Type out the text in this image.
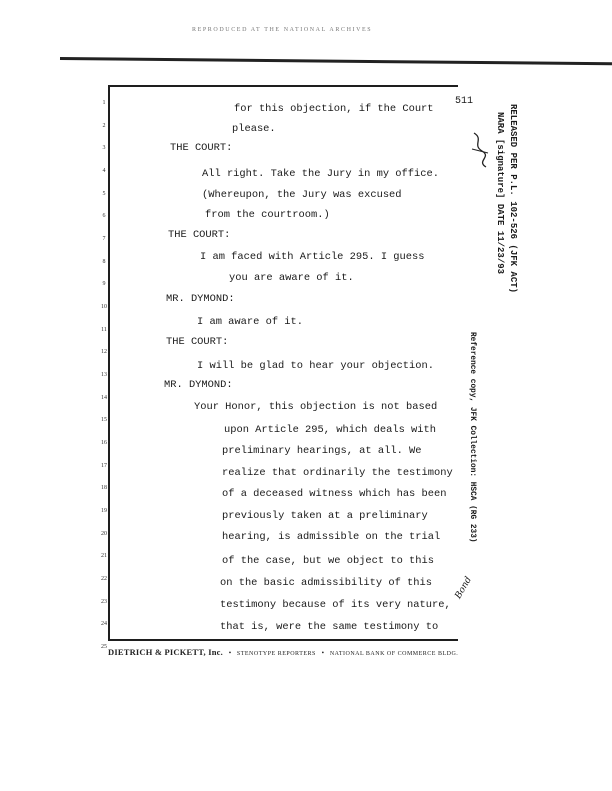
REPRODUCED AT THE NATIONAL ARCHIVES
511
1
2
3
4
5
6
7
8
9
10
11
12
13
14
15
16
17
18
19
20
21
22
23
24
25
for this objection, if the Court
please.
THE COURT:
All right. Take the Jury in my office.
(Whereupon, the Jury was excused
from the courtroom.)
THE COURT:
I am faced with Article 295. I guess
you are aware of it.
MR. DYMOND:
I am aware of it.
THE COURT:
I will be glad to hear your objection.
MR. DYMOND:
Your Honor, this objection is not based
upon Article 295, which deals with
preliminary hearings, at all. We
realize that ordinarily the testimony
of a deceased witness which has been
previously taken at a preliminary
hearing, is admissible on the trial
of the case, but we object to this
on the basic admissibility of this
testimony because of its very nature,
that is, were the same testimony to
DIETRICH & PICKETT, Inc. • STENOTYPE REPORTERS • NATIONAL BANK OF COMMERCE BLDG.
RELEASED PER P.L. 102-526 (JFK ACT)
NARA [signature] DATE 11/23/93
Reference copy, JFK Collection: HSCA (RG 233)
Bond
